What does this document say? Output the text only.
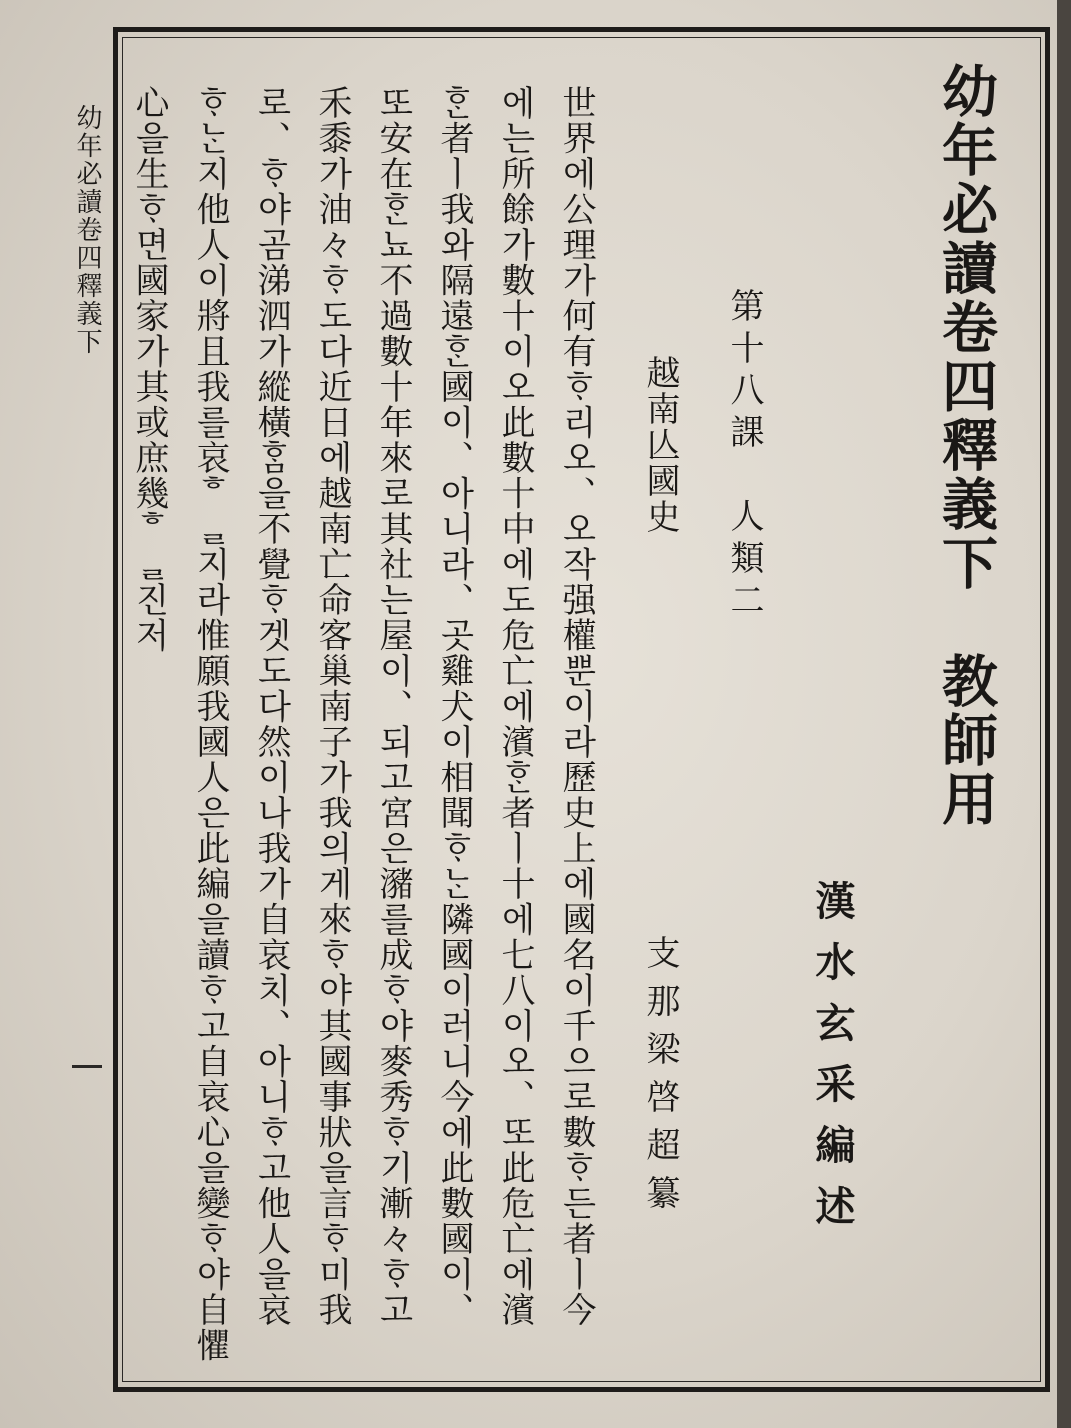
幼年必讀卷四釋義下　教師用
漢水玄采編述
第十八課　人類二
越南亾國史
支那梁啓超纂
世界에公理가何有ᄒᆞ리오、오작强權뿐이라歷史上에國名이千으로數ᄒᆞ든者ㅣ今
에는所餘가數十이오此數十中에도危亡에濱ᄒᆞᆫ者ㅣ十에七八이오、또此危亡에濱
ᄒᆞᆫ者ㅣ我와隔遠ᄒᆞᆫ國이、아니라、곳雞犬이相聞ᄒᆞᄂᆞᆫ隣國이러니今에此數國이、
또安在ᄒᆞᆫ뇨不過數十年來로其社는屋이、되고宮은瀦를成ᄒᆞ야麥秀ᄒᆞ기漸々ᄒᆞ고
禾黍가油々ᄒᆞ도다近日에越南亡命客巢南子가我의게來ᄒᆞ야其國事狀을言ᄒᆞ미我
로、ᄒᆞ야곰涕泗가縱橫ᄒᆞᆷ을不覺ᄒᆞ겟도다然이나我가自哀치、아니ᄒᆞ고他人을哀
ᄒᆞᄂᆞᆫ지他人이將且我를哀ᄒᆯ지라惟願我國人은此編을讀ᄒᆞ고自哀心을變ᄒᆞ야自懼
心을生ᄒᆞ면國家가其或庶幾ᄒᆯ진저
幼年必讀卷四釋義下
